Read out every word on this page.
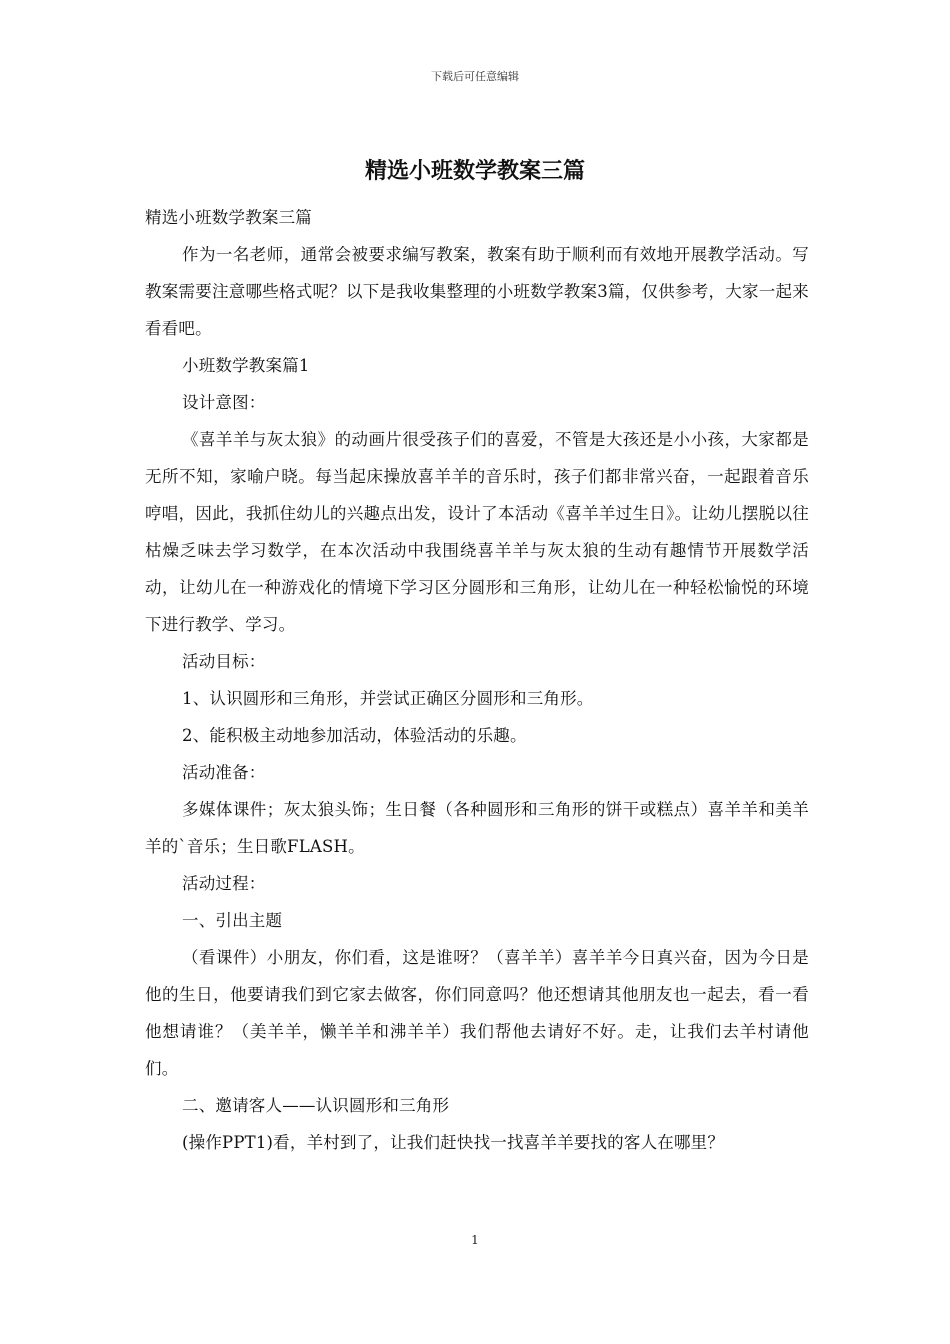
下载后可任意编辑
精选小班数学教案三篇

精选小班数学教案三篇

作为一名老师，通常会被要求编写教案，教案有助于顺利而有效地开展教学活动。写教案需要注意哪些格式呢？以下是我收集整理的小班数学教案3篇，仅供参考，大家一起来看看吧。

小班数学教案篇1

设计意图：

《喜羊羊与灰太狼》的动画片很受孩子们的喜爱，不管是大孩还是小小孩，大家都是无所不知，家喻户晓。每当起床操放喜羊羊的音乐时，孩子们都非常兴奋，一起跟着音乐哼唱，因此，我抓住幼儿的兴趣点出发，设计了本活动《喜羊羊过生日》。让幼儿摆脱以往枯燥乏味去学习数学，在本次活动中我围绕喜羊羊与灰太狼的生动有趣情节开展数学活动，让幼儿在一种游戏化的情境下学习区分圆形和三角形，让幼儿在一种轻松愉悦的环境下进行教学、学习。

活动目标：

1、认识圆形和三角形，并尝试正确区分圆形和三角形。

2、能积极主动地参加活动，体验活动的乐趣。

活动准备：

多媒体课件；灰太狼头饰；生日餐（各种圆形和三角形的饼干或糕点）喜羊羊和美羊羊的`音乐；生日歌FLASH。

活动过程：

一、引出主题

（看课件）小朋友，你们看，这是谁呀？（喜羊羊）喜羊羊今日真兴奋，因为今日是他的生日，他要请我们到它家去做客，你们同意吗？他还想请其他朋友也一起去，看一看他想请谁？（美羊羊，懒羊羊和沸羊羊）我们帮他去请好不好。走，让我们去羊村请他们。

二、邀请客人——认识圆形和三角形

(操作PPT1)看，羊村到了，让我们赶快找一找喜羊羊要找的客人在哪里？

1
